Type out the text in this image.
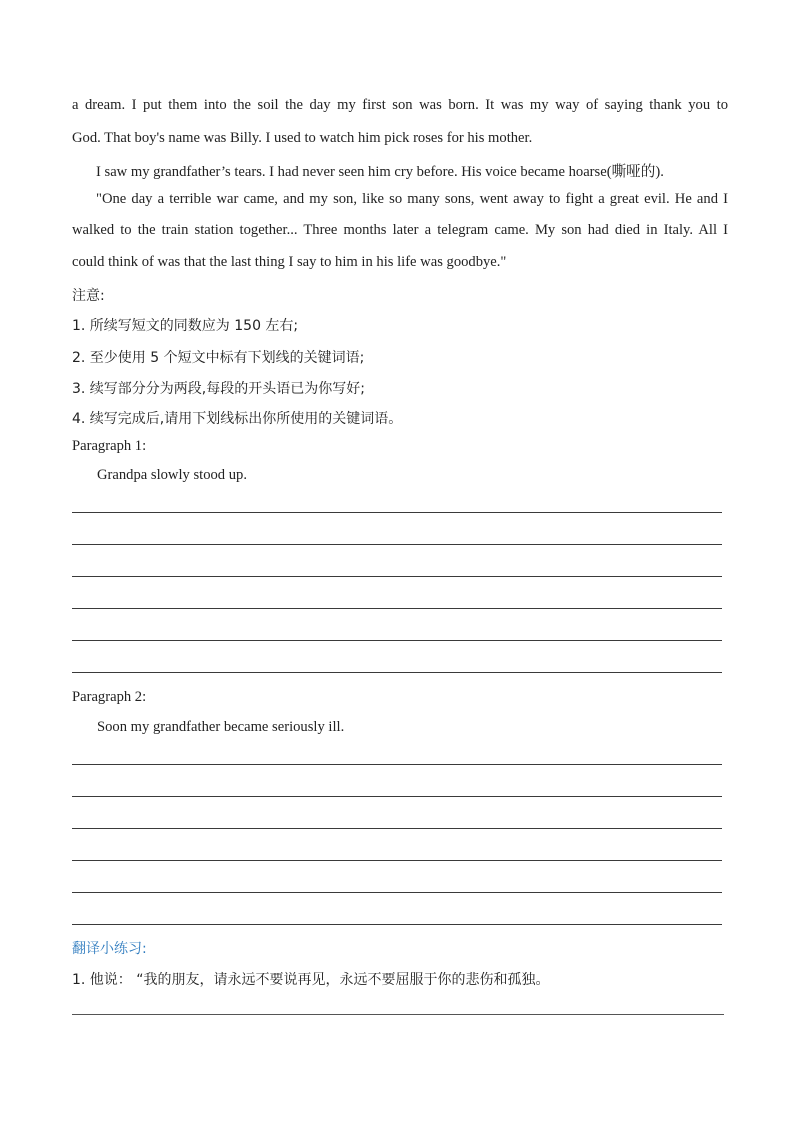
a dream. I put them into the soil the day my first son was born. It was my way of saying thank you to
God. That boy's name was Billy. I used to watch him pick roses for his mother.
I saw my grandfather’s tears. I had never seen him cry before. His voice became hoarse(嘶哑的).
"One day a terrible war came, and my son, like so many sons, went away to fight a great evil. He and I
walked to the train station together... Three months later a telegram came. My son had died in Italy. All I
could think of was that the last thing I say to him in his life was goodbye."
注意:
1. 所续写短文的同数应为 150 左右;
2. 至少使用 5 个短文中标有下划线的关键词语;
3. 续写部分分为两段,每段的开头语已为你写好;
4. 续写完成后,请用下划线标出你所使用的关键词语。
Paragraph 1:
Grandpa slowly stood up.
Paragraph 2:
Soon my grandfather became seriously ill.
翻译小练习:
1. 他说： “我的朋友，请永远不要说再见，永远不要屈服于你的悲伤和孤独。
